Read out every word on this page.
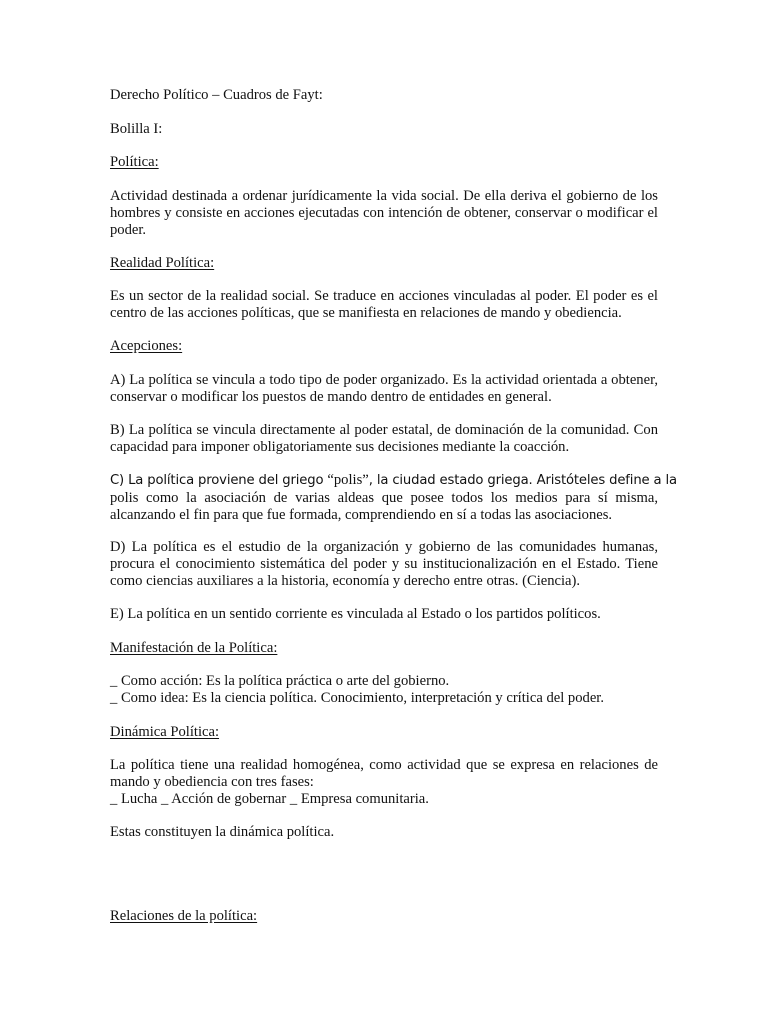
Derecho Político – Cuadros de Fayt:
Bolilla I:
Política:
Actividad destinada a ordenar jurídicamente la vida social. De ella deriva el gobierno de los hombres y consiste en acciones ejecutadas con intención de obtener, conservar o modificar el poder.
Realidad Política:
Es un sector de la realidad social. Se traduce en acciones vinculadas al poder. El poder es el centro de las acciones políticas, que se manifiesta en relaciones de mando y obediencia.
Acepciones:
A) La política se vincula a todo tipo de poder organizado. Es la actividad orientada a obtener, conservar o modificar los puestos de mando dentro de entidades en general.
B) La política se vincula directamente al poder estatal, de dominación de la comunidad. Con capacidad para imponer obligatoriamente sus decisiones mediante la coacción.
C) La política proviene del griego “polis”, la ciudad estado griega. Aristóteles define a la
polis como la asociación de varias aldeas que posee todos los medios para sí misma, alcanzando el fin para que fue formada, comprendiendo en sí a todas las asociaciones.
D) La política es el estudio de la organización y gobierno de las comunidades humanas, procura el conocimiento sistemática del poder y su institucionalización en el Estado. Tiene como ciencias auxiliares a la historia, economía y derecho entre otras. (Ciencia).
E) La política en un sentido corriente es vinculada al Estado o los partidos políticos.
Manifestación de la Política:
_ Como acción: Es la política práctica o arte del gobierno.
_ Como idea: Es la ciencia política. Conocimiento, interpretación y crítica del poder.
Dinámica Política:
La política tiene una realidad homogénea, como actividad que se expresa en relaciones de mando y obediencia con tres fases:
_ Lucha _ Acción de gobernar _ Empresa comunitaria.
Estas constituyen la dinámica política.
Relaciones de la política:
